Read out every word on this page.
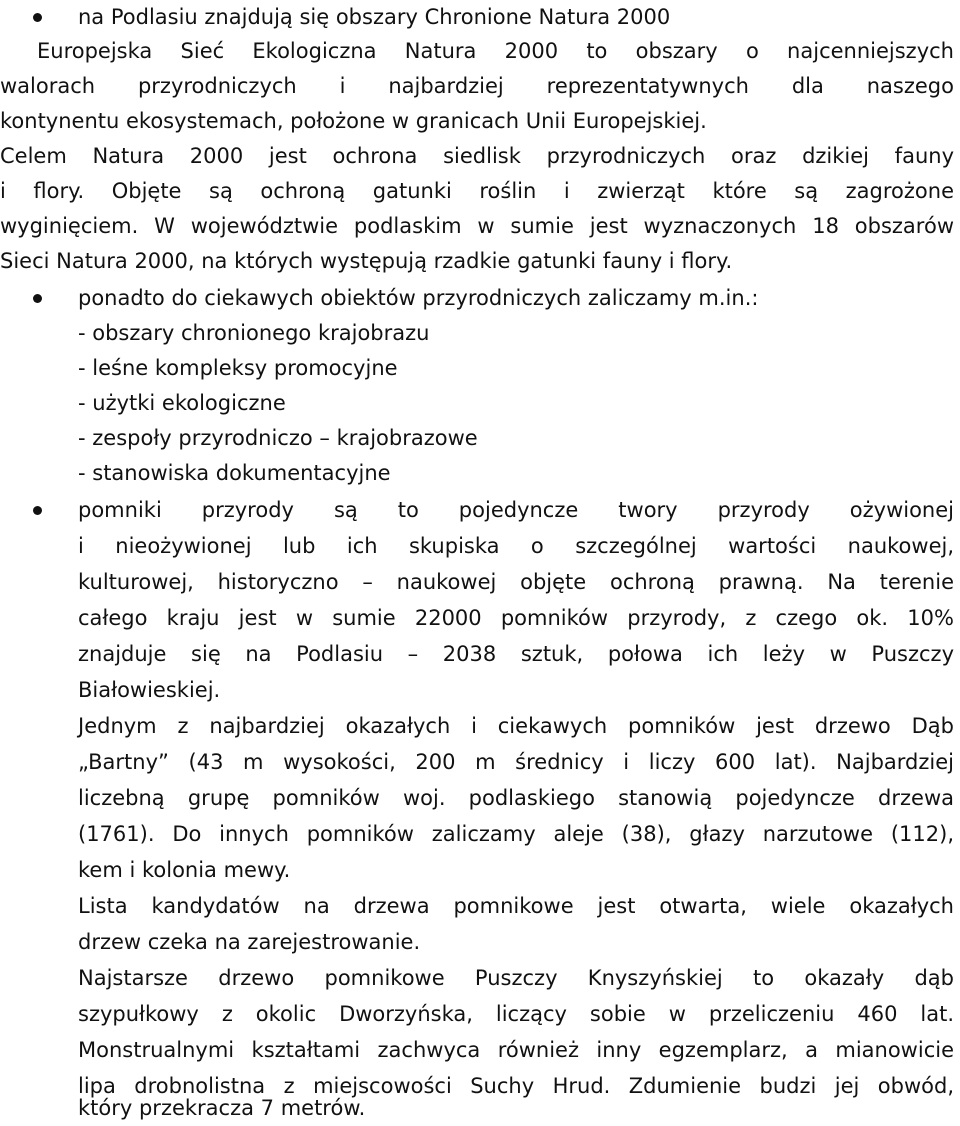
na Podlasiu znajdują się obszary Chronione Natura 2000
Europejska Sieć Ekologiczna Natura 2000 to obszary o najcenniejszych
walorach przyrodniczych i najbardziej reprezentatywnych dla naszego
kontynentu ekosystemach, położone w granicach Unii Europejskiej.
Celem Natura 2000 jest ochrona siedlisk przyrodniczych oraz dzikiej fauny
i flory. Objęte są ochroną gatunki roślin i zwierząt które są zagrożone
wyginięciem. W województwie podlaskim w sumie jest wyznaczonych 18 obszarów
Sieci Natura 2000, na których występują rzadkie gatunki fauny i flory.
ponadto do ciekawych obiektów przyrodniczych zaliczamy m.in.:
- obszary chronionego krajobrazu
- leśne kompleksy promocyjne
- użytki ekologiczne
- zespoły przyrodniczo – krajobrazowe
- stanowiska dokumentacyjne
pomniki przyrody są to pojedyncze twory przyrody ożywionej
i nieożywionej lub ich skupiska o szczególnej wartości naukowej,
kulturowej, historyczno – naukowej objęte ochroną prawną. Na terenie
całego kraju jest w sumie 22000 pomników przyrody, z czego ok. 10%
znajduje się na Podlasiu – 2038 sztuk, połowa ich leży w Puszczy
Białowieskiej.
Jednym z najbardziej okazałych i ciekawych pomników jest drzewo Dąb
„Bartny” (43 m wysokości, 200 m średnicy i liczy 600 lat). Najbardziej
liczebną grupę pomników woj. podlaskiego stanowią pojedyncze drzewa
(1761). Do innych pomników zaliczamy aleje (38), głazy narzutowe (112),
kem i kolonia mewy.
Lista kandydatów na drzewa pomnikowe jest otwarta, wiele okazałych
drzew czeka na zarejestrowanie.
Najstarsze drzewo pomnikowe Puszczy Knyszyńskiej to okazały dąb
szypułkowy z okolic Dworzyńska, liczący sobie w przeliczeniu 460 lat.
Monstrualnymi kształtami zachwyca również inny egzemplarz, a mianowicie
lipa drobnolistna z miejscowości Suchy Hrud. Zdumienie budzi jej obwód,
który przekracza 7 metrów.
